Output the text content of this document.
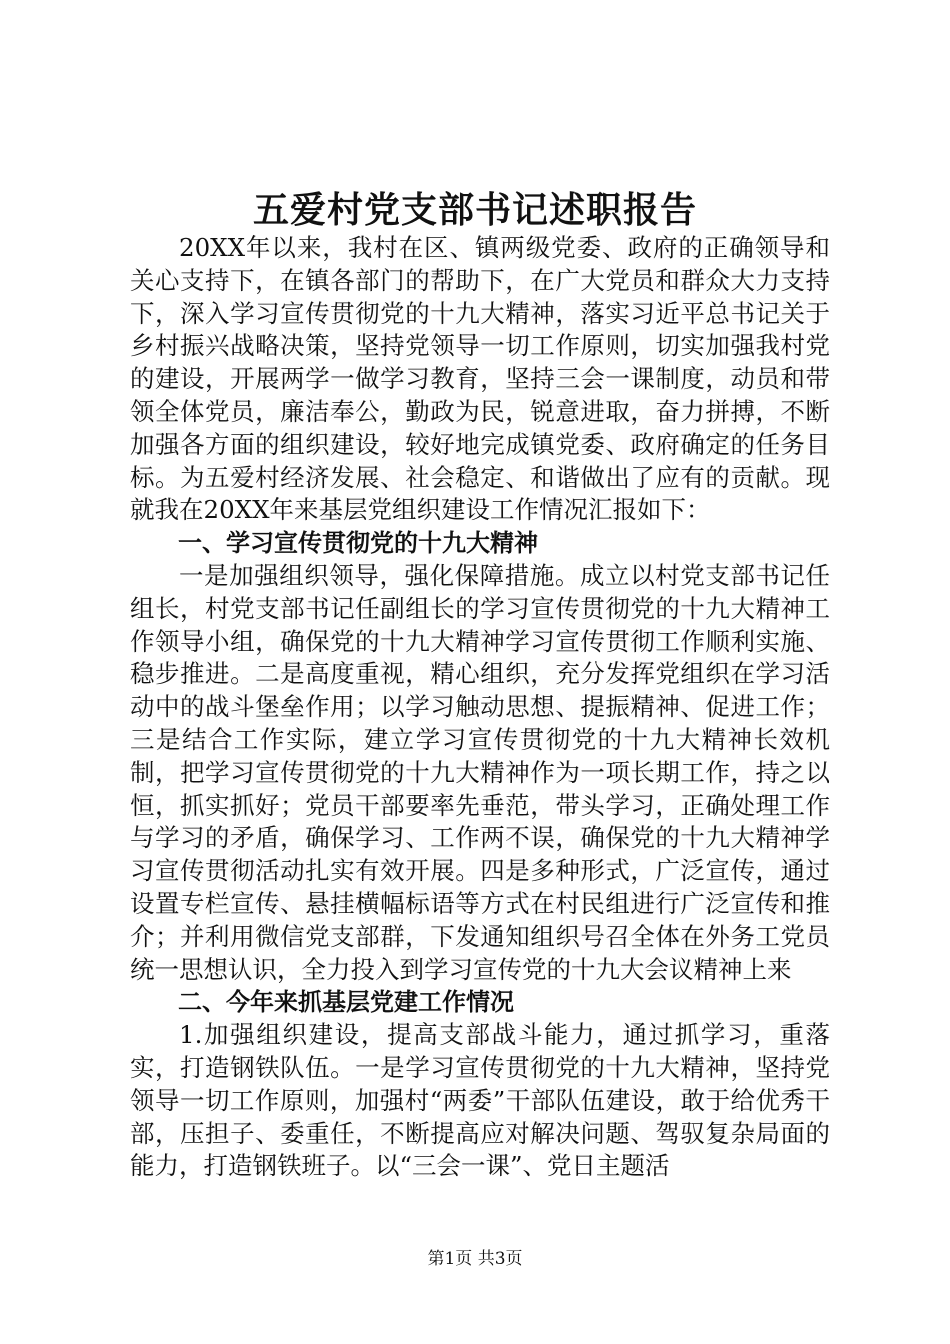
五爱村党支部书记述职报告

20XX年以来，我村在区、镇两级党委、政府的正确领导和关心支持下，在镇各部门的帮助下，在广大党员和群众大力支持下，深入学习宣传贯彻党的十九大精神，落实习近平总书记关于乡村振兴战略决策，坚持党领导一切工作原则，切实加强我村党的建设，开展两学一做学习教育，坚持三会一课制度，动员和带领全体党员，廉洁奉公，勤政为民，锐意进取，奋力拼搏，不断加强各方面的组织建设，较好地完成镇党委、政府确定的任务目标。为五爱村经济发展、社会稳定、和谐做出了应有的贡献。现就我在20XX年来基层党组织建设工作情况汇报如下：

一、学习宣传贯彻党的十九大精神

一是加强组织领导，强化保障措施。成立以村党支部书记任组长，村党支部书记任副组长的学习宣传贯彻党的十九大精神工作领导小组，确保党的十九大精神学习宣传贯彻工作顺利实施、稳步推进。二是高度重视，精心组织，充分发挥党组织在学习活动中的战斗堡垒作用；以学习触动思想、提振精神、促进工作；三是结合工作实际，建立学习宣传贯彻党的十九大精神长效机制，把学习宣传贯彻党的十九大精神作为一项长期工作，持之以恒，抓实抓好；党员干部要率先垂范，带头学习，正确处理工作与学习的矛盾，确保学习、工作两不误，确保党的十九大精神学习宣传贯彻活动扎实有效开展。四是多种形式，广泛宣传，通过设置专栏宣传、悬挂横幅标语等方式在村民组进行广泛宣传和推介；并利用微信党支部群，下发通知组织号召全体在外务工党员统一思想认识，全力投入到学习宣传党的十九大会议精神上来

二、今年来抓基层党建工作情况

1.加强组织建设，提高支部战斗能力，通过抓学习，重落实，打造钢铁队伍。一是学习宣传贯彻党的十九大精神，坚持党领导一切工作原则，加强村“两委”干部队伍建设，敢于给优秀干部，压担子、委重任，不断提高应对解决问题、驾驭复杂局面的能力，打造钢铁班子。以“三会一课”、党日主题活

第1页 共3页
